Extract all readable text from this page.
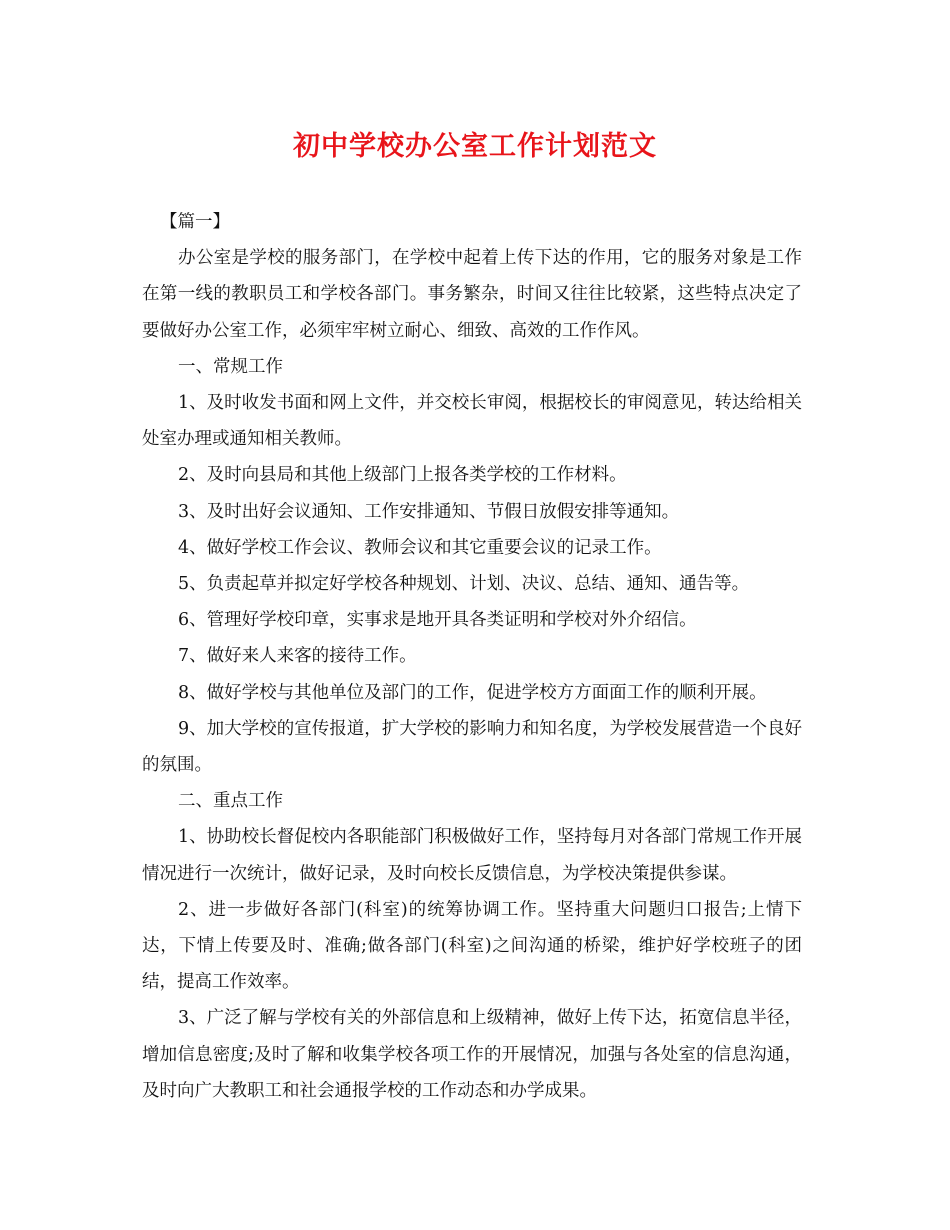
初中学校办公室工作计划范文

【篇一】

办公室是学校的服务部门，在学校中起着上传下达的作用，它的服务对象是工作在第一线的教职员工和学校各部门。事务繁杂，时间又往往比较紧，这些特点决定了要做好办公室工作，必须牢牢树立耐心、细致、高效的工作作风。

一、常规工作

1、及时收发书面和网上文件，并交校长审阅，根据校长的审阅意见，转达给相关处室办理或通知相关教师。

2、及时向县局和其他上级部门上报各类学校的工作材料。

3、及时出好会议通知、工作安排通知、节假日放假安排等通知。

4、做好学校工作会议、教师会议和其它重要会议的记录工作。

5、负责起草并拟定好学校各种规划、计划、决议、总结、通知、通告等。

6、管理好学校印章，实事求是地开具各类证明和学校对外介绍信。

7、做好来人来客的接待工作。

8、做好学校与其他单位及部门的工作，促进学校方方面面工作的顺利开展。

9、加大学校的宣传报道，扩大学校的影响力和知名度，为学校发展营造一个良好的氛围。

二、重点工作

1、协助校长督促校内各职能部门积极做好工作，坚持每月对各部门常规工作开展情况进行一次统计，做好记录，及时向校长反馈信息，为学校决策提供参谋。

2、进一步做好各部门(科室)的统筹协调工作。坚持重大问题归口报告;上情下达，下情上传要及时、准确;做各部门(科室)之间沟通的桥梁，维护好学校班子的团结，提高工作效率。

3、广泛了解与学校有关的外部信息和上级精神，做好上传下达，拓宽信息半径，增加信息密度;及时了解和收集学校各项工作的开展情况，加强与各处室的信息沟通，及时向广大教职工和社会通报学校的工作动态和办学成果。
